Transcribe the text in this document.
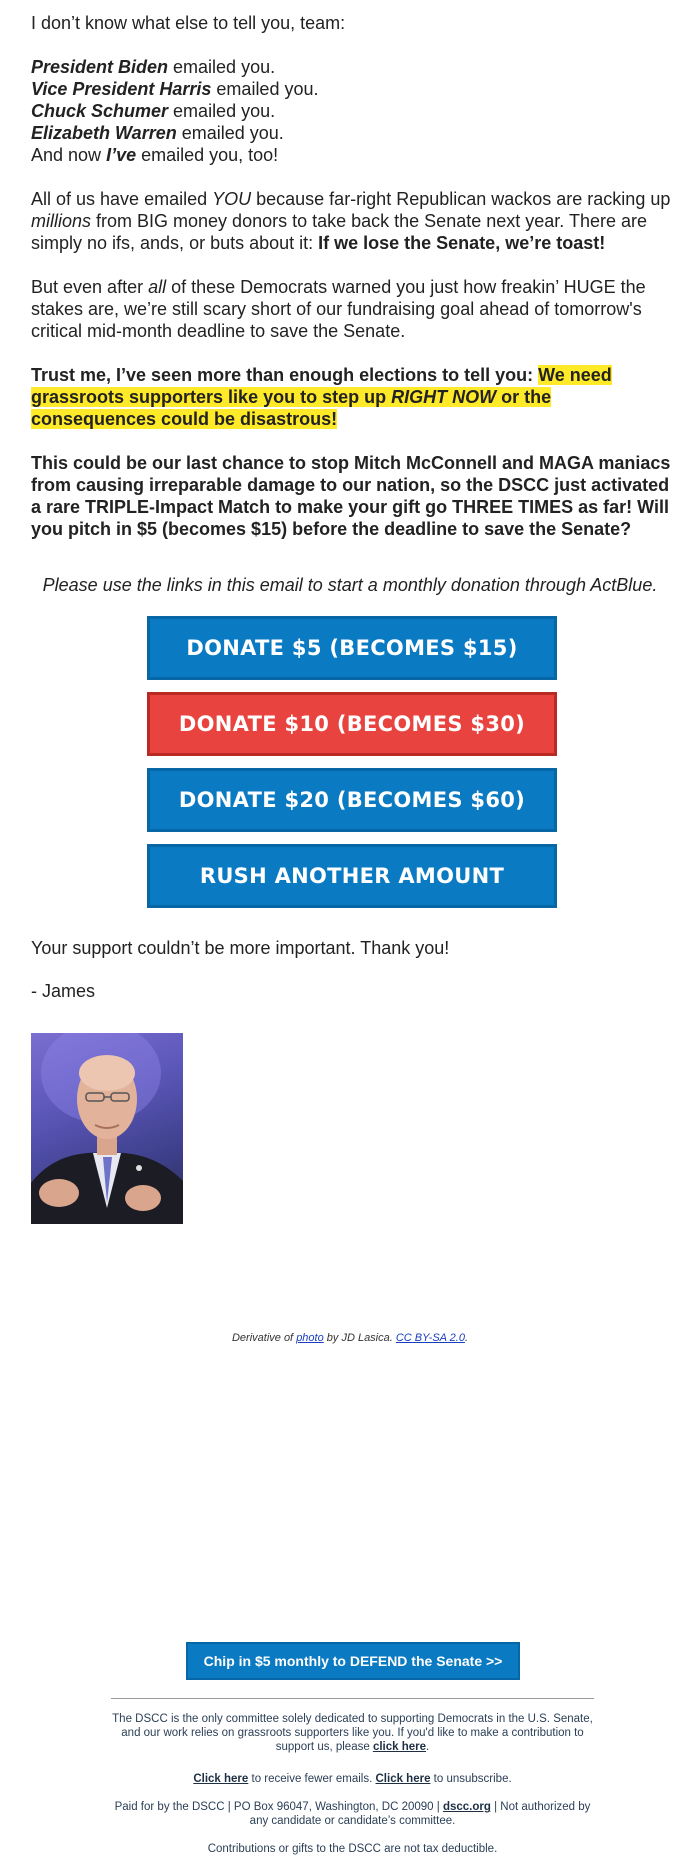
I don’t know what else to tell you, team:

President Biden emailed you.

Vice President Harris emailed you.

Chuck Schumer emailed you.

Elizabeth Warren emailed you.

And now I’ve emailed you, too!

All of us have emailed YOU because far-right Republican wackos are racking up millions from BIG money donors to take back the Senate next year. There are simply no ifs, ands, or buts about it: If we lose the Senate, we’re toast!

But even after all of these Democrats warned you just how freakin’ HUGE the stakes are, we’re still scary short of our fundraising goal ahead of tomorrow's critical mid-month deadline to save the Senate.

Trust me, I’ve seen more than enough elections to tell you: We need grassroots supporters like you to step up RIGHT NOW or the consequences could be disastrous!

This could be our last chance to stop Mitch McConnell and MAGA maniacs from causing irreparable damage to our nation, so the DSCC just activated a rare TRIPLE-Impact Match to make your gift go THREE TIMES as far! Will you pitch in $5 (becomes $15) before the deadline to save the Senate?

Please use the links in this email to start a monthly donation through ActBlue.
DONATE $5 (BECOMES $15)
DONATE $10 (BECOMES $30)
DONATE $20 (BECOMES $60)
RUSH ANOTHER AMOUNT
Your support couldn’t be more important. Thank you!
- James
Derivative of photo by JD Lasica. CC BY-SA 2.0.
Chip in $5 monthly to DEFEND the Senate >>
The DSCC is the only committee solely dedicated to supporting Democrats in the U.S. Senate, and our work relies on grassroots supporters like you. If you'd like to make a contribution to support us, please click here.
Click here to receive fewer emails. Click here to unsubscribe.
Paid for by the DSCC | PO Box 96047, Washington, DC 20090 | dscc.org | Not authorized by any candidate or candidate’s committee.
Contributions or gifts to the DSCC are not tax deductible.
